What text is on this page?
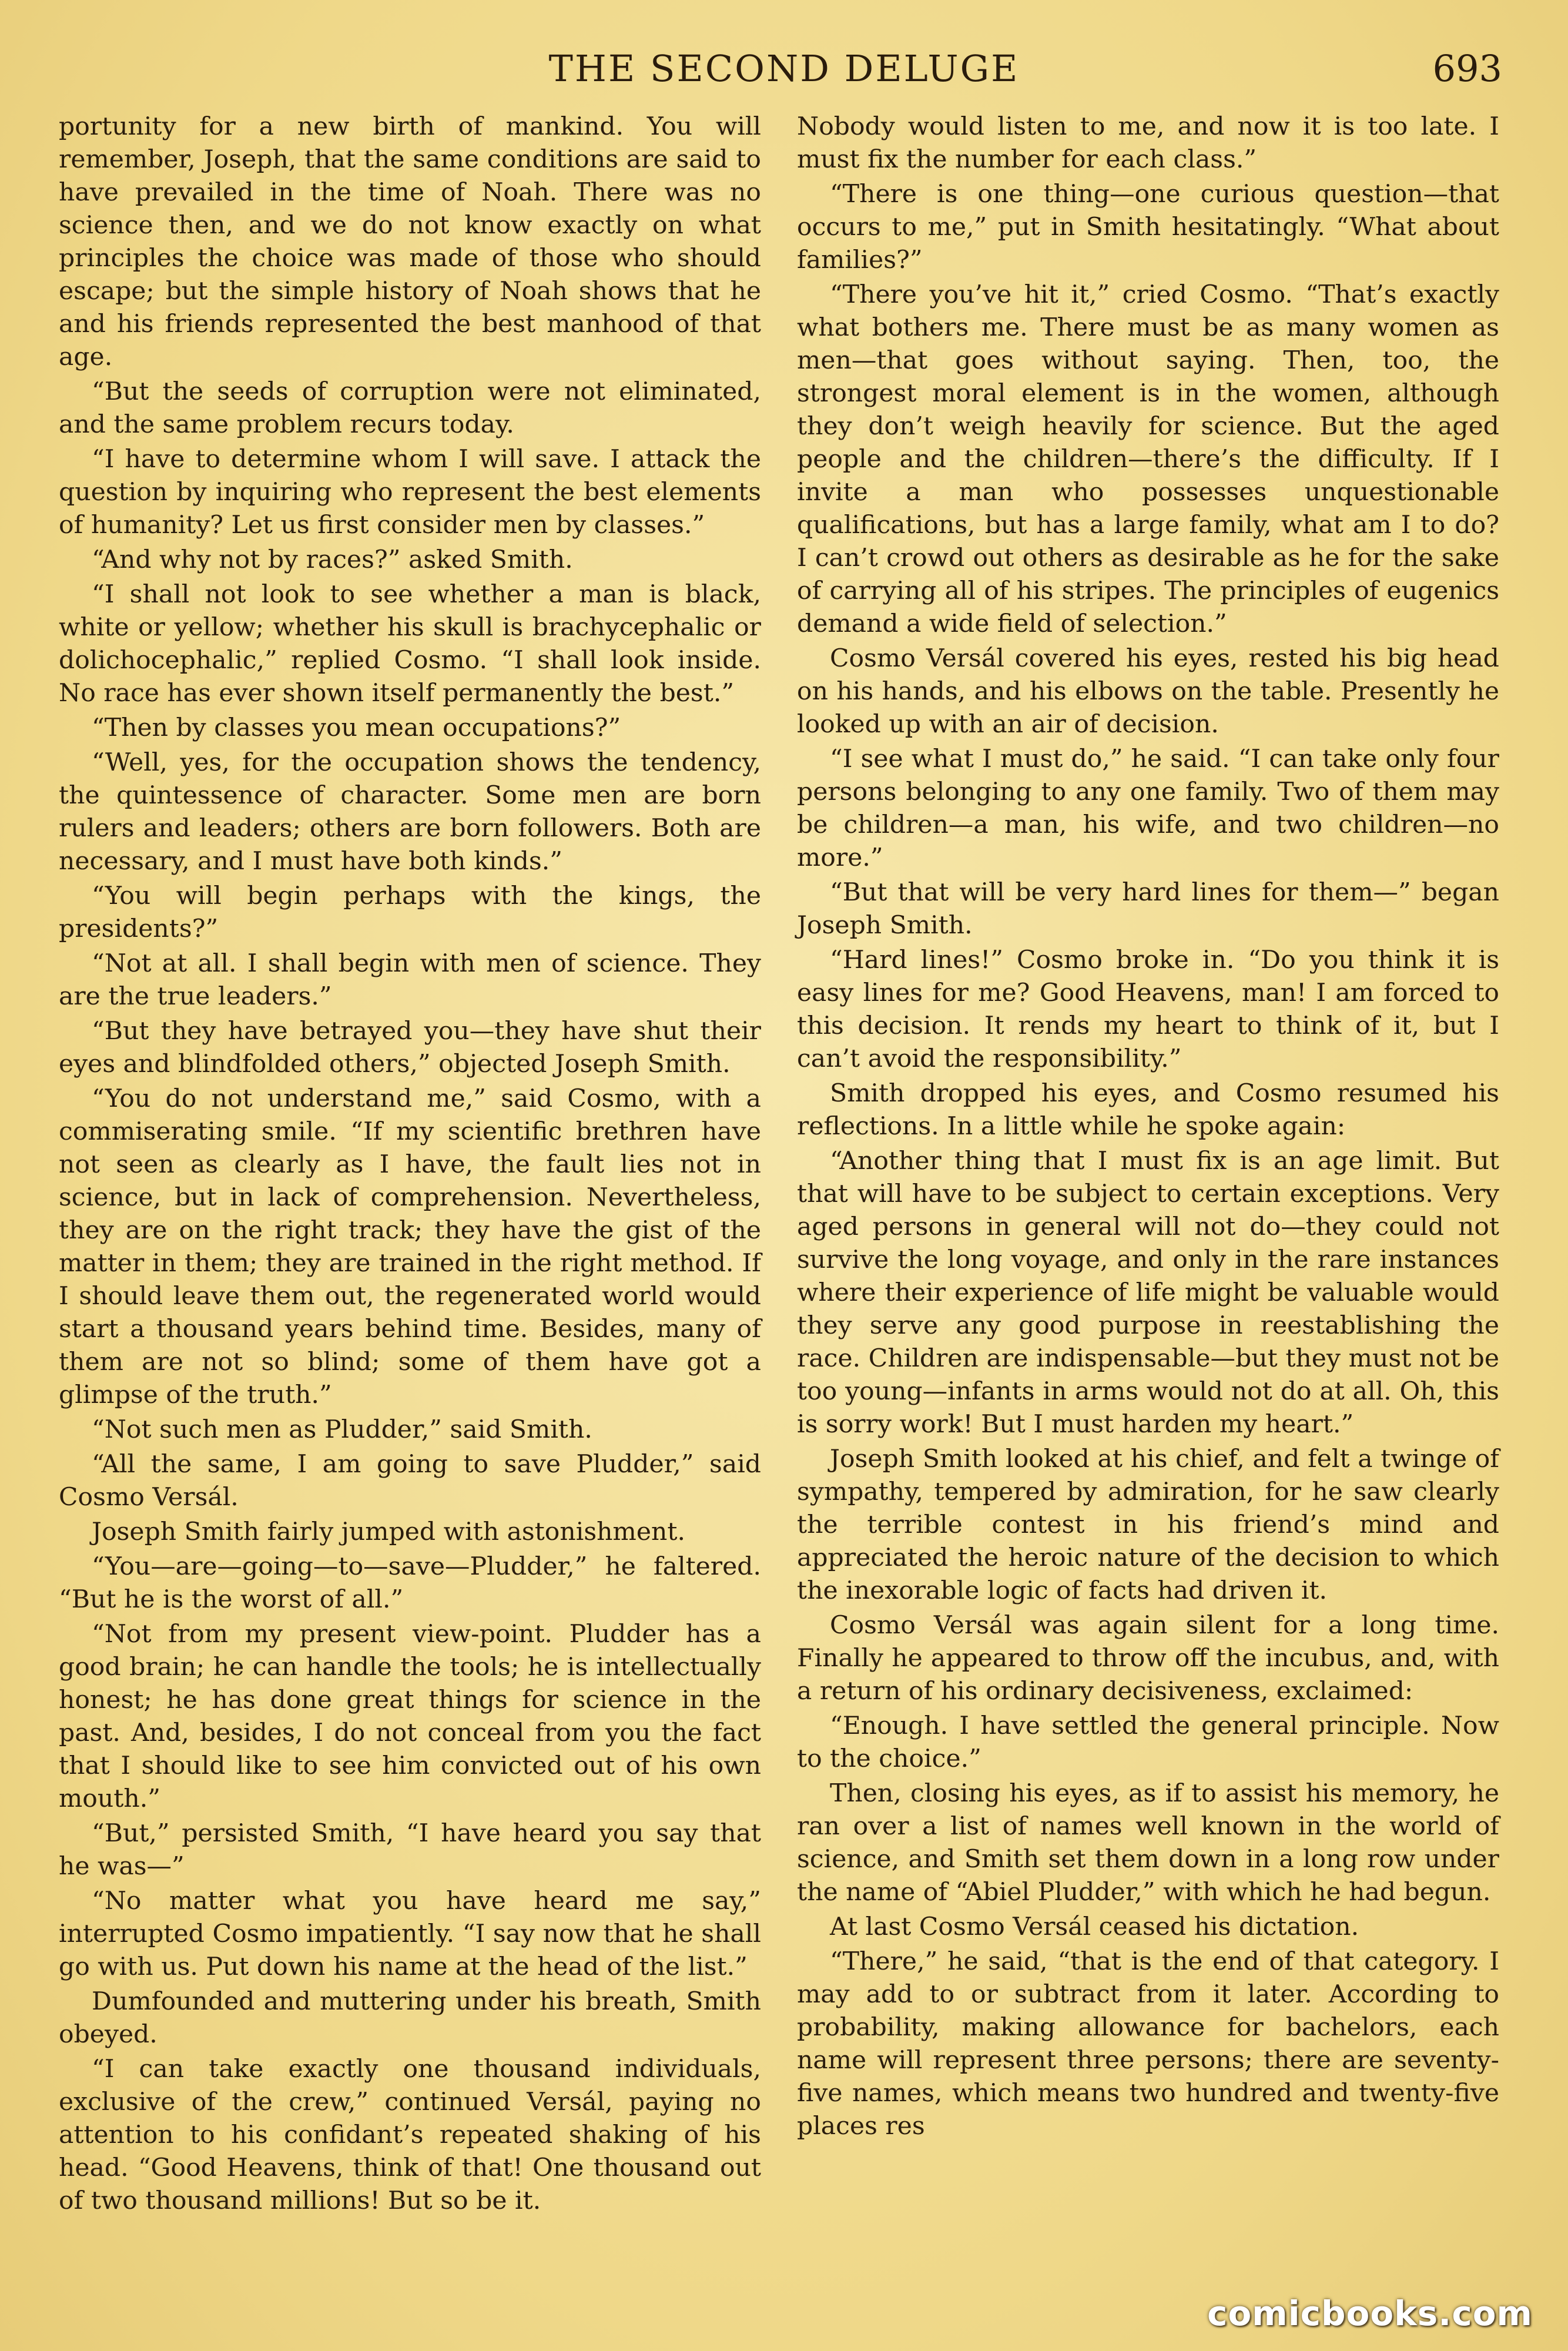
THE SECOND DELUGE	693

portunity for a new birth of mankind. You will remember, Joseph, that the same conditions are said to have prevailed in the time of Noah. There was no science then, and we do not know exactly on what principles the choice was made of those who should escape; but the simple history of Noah shows that he and his friends represented the best manhood of that age.

“But the seeds of corruption were not eliminated, and the same problem recurs today.

“I have to determine whom I will save. I attack the question by inquiring who represent the best elements of humanity? Let us first consider men by classes.”

“And why not by races?” asked Smith.

“I shall not look to see whether a man is black, white or yellow; whether his skull is brachycephalic or dolichocephalic,” replied Cosmo. “I shall look inside. No race has ever shown itself permanently the best.”

“Then by classes you mean occupations?”

“Well, yes, for the occupation shows the tendency, the quintessence of character. Some men are born rulers and leaders; others are born followers. Both are necessary, and I must have both kinds.”

“You will begin perhaps with the kings, the presidents?”

“Not at all. I shall begin with men of science. They are the true leaders.”

“But they have betrayed you—they have shut their eyes and blindfolded others,” objected Joseph Smith.

“You do not understand me,” said Cosmo, with a commiserating smile. “If my scientific brethren have not seen as clearly as I have, the fault lies not in science, but in lack of comprehension. Nevertheless, they are on the right track; they have the gist of the matter in them; they are trained in the right method. If I should leave them out, the regenerated world would start a thousand years behind time. Besides, many of them are not so blind; some of them have got a glimpse of the truth.”

“Not such men as Pludder,” said Smith.

“All the same, I am going to save Pludder,” said Cosmo Versál.

Joseph Smith fairly jumped with astonishment.

“You—are—going—to—save—Pludder,” he faltered. “But he is the worst of all.”

“Not from my present view-point. Pludder has a good brain; he can handle the tools; he is intellectually honest; he has done great things for science in the past. And, besides, I do not conceal from you the fact that I should like to see him convicted out of his own mouth.”

“But,” persisted Smith, “I have heard you say that he was—”

“No matter what you have heard me say,” interrupted Cosmo impatiently. “I say now that he shall go with us. Put down his name at the head of the list.”

Dumfounded and muttering under his breath, Smith obeyed.

“I can take exactly one thousand individuals, exclusive of the crew,” continued Versál, paying no attention to his confidant’s repeated shaking of his head. “Good Heavens, think of that! One thousand out of two thousand millions! But so be it.

Nobody would listen to me, and now it is too late. I must fix the number for each class.”

“There is one thing—one curious question—that occurs to me,” put in Smith hesitatingly. “What about families?”

“There you’ve hit it,” cried Cosmo. “That’s exactly what bothers me. There must be as many women as men—that goes without saying. Then, too, the strongest moral element is in the women, although they don’t weigh heavily for science. But the aged people and the children—there’s the difficulty. If I invite a man who possesses unquestionable qualifications, but has a large family, what am I to do? I can’t crowd out others as desirable as he for the sake of carrying all of his stripes. The principles of eugenics demand a wide field of selection.”

Cosmo Versál covered his eyes, rested his big head on his hands, and his elbows on the table. Presently he looked up with an air of decision.

“I see what I must do,” he said. “I can take only four persons belonging to any one family. Two of them may be children—a man, his wife, and two children—no more.”

“But that will be very hard lines for them—” began Joseph Smith.

“Hard lines!” Cosmo broke in. “Do you think it is easy lines for me? Good Heavens, man! I am forced to this decision. It rends my heart to think of it, but I can’t avoid the responsibility.”

Smith dropped his eyes, and Cosmo resumed his reflections. In a little while he spoke again:

“Another thing that I must fix is an age limit. But that will have to be subject to certain exceptions. Very aged persons in general will not do—they could not survive the long voyage, and only in the rare instances where their experience of life might be valuable would they serve any good purpose in reestablishing the race. Children are indispensable—but they must not be too young—infants in arms would not do at all. Oh, this is sorry work! But I must harden my heart.”

Joseph Smith looked at his chief, and felt a twinge of sympathy, tempered by admiration, for he saw clearly the terrible contest in his friend’s mind and appreciated the heroic nature of the decision to which the inexorable logic of facts had driven it.

Cosmo Versál was again silent for a long time. Finally he appeared to throw off the incubus, and, with a return of his ordinary decisiveness, exclaimed:

“Enough. I have settled the general principle. Now to the choice.”

Then, closing his eyes, as if to assist his memory, he ran over a list of names well known in the world of science, and Smith set them down in a long row under the name of “Abiel Pludder,” with which he had begun.

At last Cosmo Versál ceased his dictation.

“There,” he said, “that is the end of that category. I may add to or subtract from it later. According to probability, making allowance for bachelors, each name will represent three persons; there are seventy-five names, which means two hundred and twenty-five places res

comicbooks.com
